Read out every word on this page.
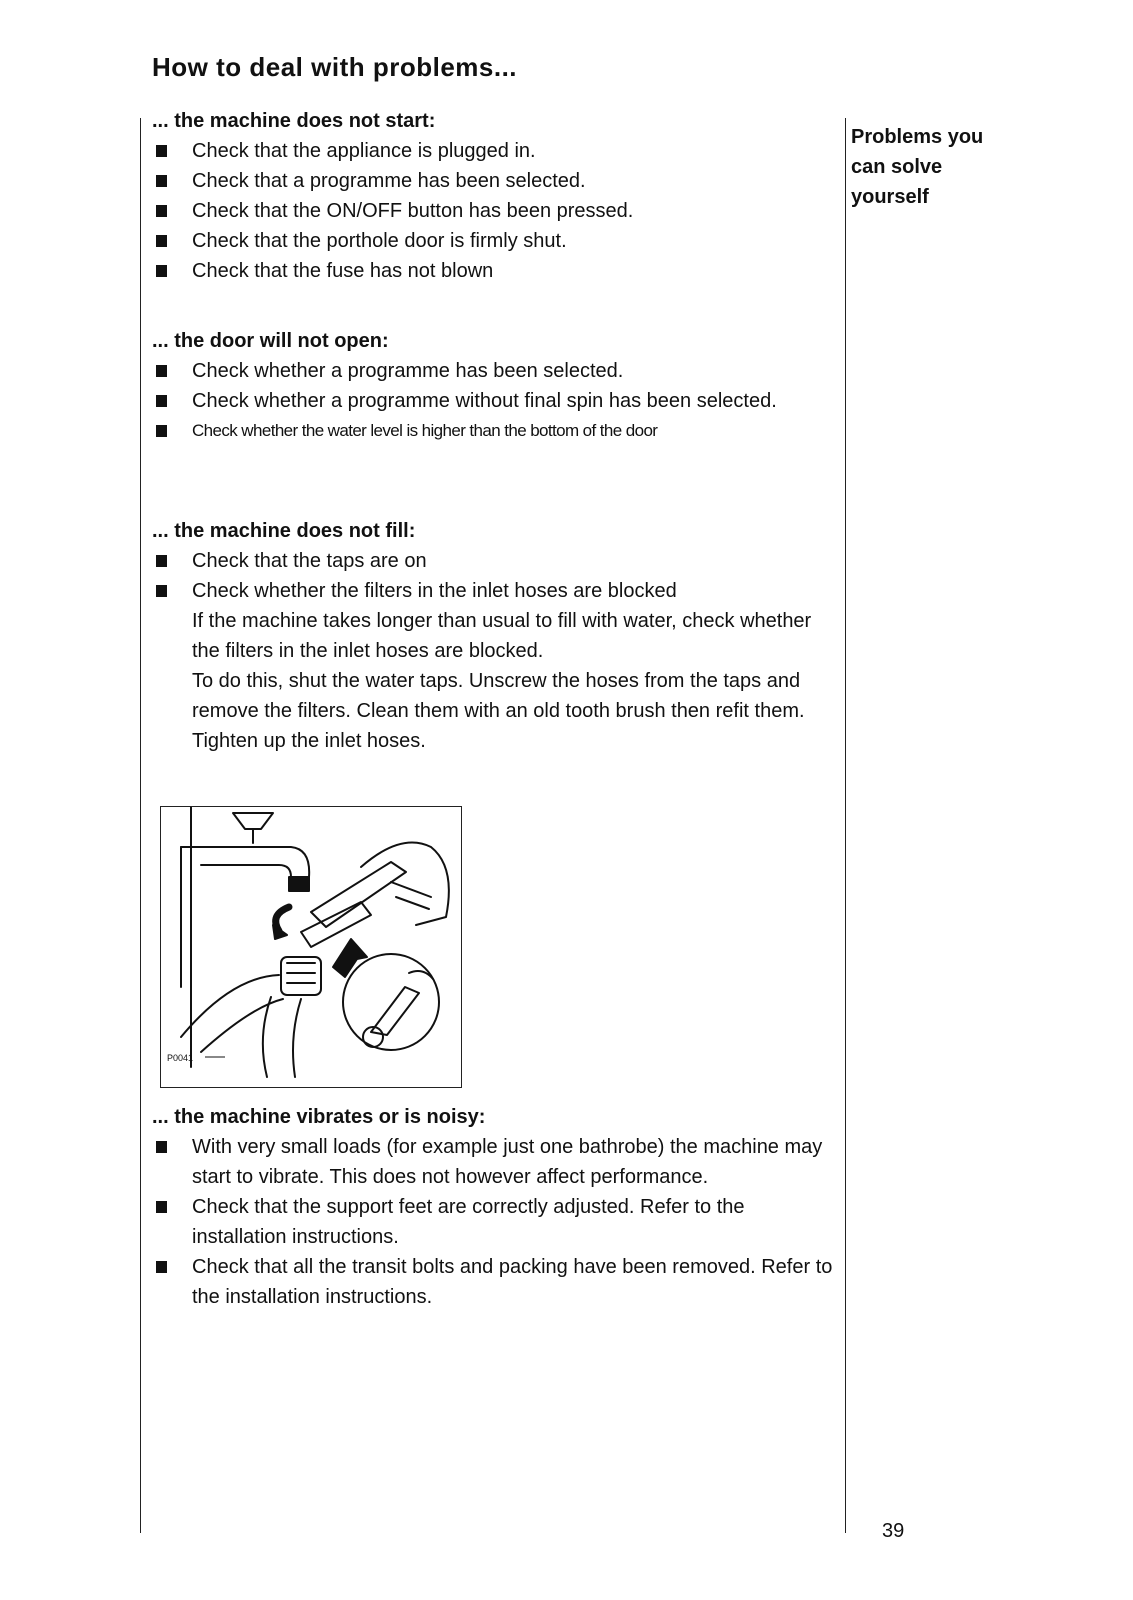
How to deal with problems...
Problems you
can solve
yourself
... the machine does not start:
Check that the appliance is plugged in.
Check that a programme has been selected.
Check that the ON/OFF button has been pressed.
Check that the porthole door is firmly shut.
Check that the fuse has not blown
... the door will not open:
Check whether a programme has been selected.
Check whether a programme without final spin has been selected.
Check whether the water level is higher than the bottom of the door
... the machine does not fill:
Check that the taps are on
Check whether the filters in the inlet hoses are blocked
If the machine takes longer than usual to fill with water, check whether the filters in the inlet hoses are blocked.
To do this, shut the water taps. Unscrew the hoses from the taps and remove the filters. Clean them with an old tooth brush then refit them.
Tighten up the inlet hoses.
P0041
... the machine vibrates or is noisy:
With very small loads (for example just one bathrobe) the machine may start to vibrate. This does not however affect performance.
Check that the support feet are correctly adjusted. Refer to the installation instructions.
Check that all the transit bolts and packing have been removed. Refer to the installation instructions.
39
